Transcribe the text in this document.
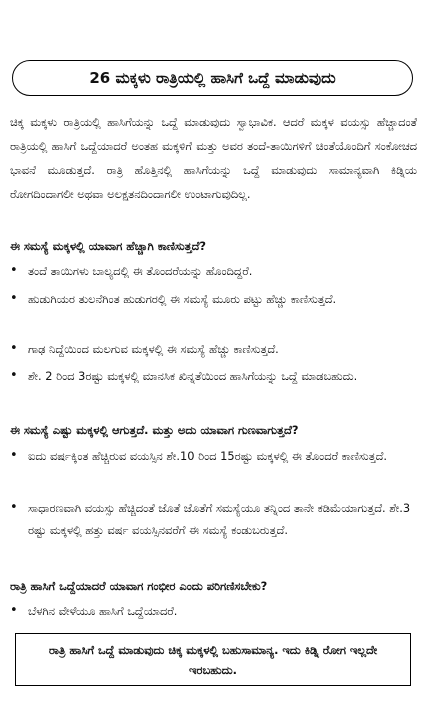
26 ಮಕ್ಕಳು ರಾತ್ರಿಯಲ್ಲಿ ಹಾಸಿಗೆ ಒದ್ದೆ ಮಾಡುವುದು

ಚಿಕ್ಕ ಮಕ್ಕಳು ರಾತ್ರಿಯಲ್ಲಿ ಹಾಸಿಗೆಯನ್ನು ಒದ್ದೆ ಮಾಡುವುದು ಸ್ವಾಭಾವಿಕ. ಆದರೆ ಮಕ್ಕಳ ವಯಸ್ಸು ಹೆಚ್ಚಾದಂತೆ ರಾತ್ರಿಯಲ್ಲಿ ಹಾಸಿಗೆ ಒದ್ದೆಯಾದರೆ ಅಂತಹ ಮಕ್ಕಳಿಗೆ ಮತ್ತು ಅವರ ತಂದೆ-ತಾಯಿಗಳಿಗೆ ಚಿಂತೆಯೊಂದಿಗೆ ಸಂಕೋಚದ ಭಾವನೆ ಮೂಡುತ್ತದೆ. ರಾತ್ರಿ ಹೊತ್ತಿನಲ್ಲಿ ಹಾಸಿಗೆಯನ್ನು ಒದ್ದೆ ಮಾಡುವುದು ಸಾಮಾನ್ಯವಾಗಿ ಕಿಡ್ನಿಯ ರೋಗದಿಂದಾಗಲೀ ಅಥವಾ ಅಲಕ್ಷತನದಿಂದಾಗಲೀ ಉಂಟಾಗುವುದಿಲ್ಲ.

ಈ ಸಮಸ್ಯೆ ಮಕ್ಕಳಲ್ಲಿ ಯಾವಾಗ ಹೆಚ್ಚಾಗಿ ಕಾಣಿಸುತ್ತದೆ?
• ತಂದೆ ತಾಯಿಗಳು ಬಾಲ್ಯದಲ್ಲಿ ಈ ತೊಂದರೆಯನ್ನು ಹೊಂದಿದ್ದರೆ.
• ಹುಡುಗಿಯರ ತುಲನೆಗಿಂತ ಹುಡುಗರಲ್ಲಿ ಈ ಸಮಸ್ಯೆ ಮೂರು ಪಟ್ಟು ಹೆಚ್ಚು ಕಾಣಿಸುತ್ತದೆ.
• ಗಾಢ ನಿದ್ದೆಯಿಂದ ಮಲಗುವ ಮಕ್ಕಳಲ್ಲಿ ಈ ಸಮಸ್ಯೆ ಹೆಚ್ಚು ಕಾಣಿಸುತ್ತದೆ.
• ಶೇ. 2 ರಿಂದ 3ರಷ್ಟು ಮಕ್ಕಳಲ್ಲಿ ಮಾನಸಿಕ ಖಿನ್ನತೆಯಿಂದ ಹಾಸಿಗೆಯನ್ನು ಒದ್ದೆ ಮಾಡಬಹುದು.
ಈ ಸಮಸ್ಯೆ ಎಷ್ಟು ಮಕ್ಕಳಲ್ಲಿ ಆಗುತ್ತದೆ. ಮತ್ತು ಅದು ಯಾವಾಗ ಗುಣವಾಗುತ್ತದೆ?
• ಐದು ವರ್ಷಕ್ಕಿಂತ ಹೆಚ್ಚಿರುವ ವಯಸ್ಸಿನ ಶೇ.10 ರಿಂದ 15ರಷ್ಟು ಮಕ್ಕಳಲ್ಲಿ ಈ ತೊಂದರೆ ಕಾಣಿಸುತ್ತದೆ.
• ಸಾಧಾರಣವಾಗಿ ವಯಸ್ಸು ಹೆಚ್ಚಿದಂತೆ ಜೊತೆ ಜೊತೆಗೆ ಸಮಸ್ಯೆಯೂ ತನ್ನಿಂದ ತಾನೇ ಕಡಿಮೆಯಾಗುತ್ತದೆ. ಶೇ.3 ರಷ್ಟು ಮಕ್ಕಳಲ್ಲಿ ಹತ್ತು ವರ್ಷ ವಯಸ್ಸಿನವರೆಗೆ ಈ ಸಮಸ್ಯೆ ಕಂಡುಬರುತ್ತದೆ.
ರಾತ್ರಿ ಹಾಸಿಗೆ ಒದ್ದೆಯಾದರೆ ಯಾವಾಗ ಗಂಭೀರ ಎಂದು ಪರಿಗಣಿಸಬೇಕು?
• ಬೆಳಗಿನ ವೇಳೆಯೂ ಹಾಸಿಗೆ ಒದ್ದೆಯಾದರೆ.
ರಾತ್ರಿ ಹಾಸಿಗೆ ಒದ್ದೆ ಮಾಡುವುದು ಚಿಕ್ಕ ಮಕ್ಕಳಲ್ಲಿ ಬಹುಸಾಮಾನ್ಯ. ಇದು ಕಿಡ್ನಿ ರೋಗ ಇಲ್ಲದೇ ಇರಬಹುದು.
